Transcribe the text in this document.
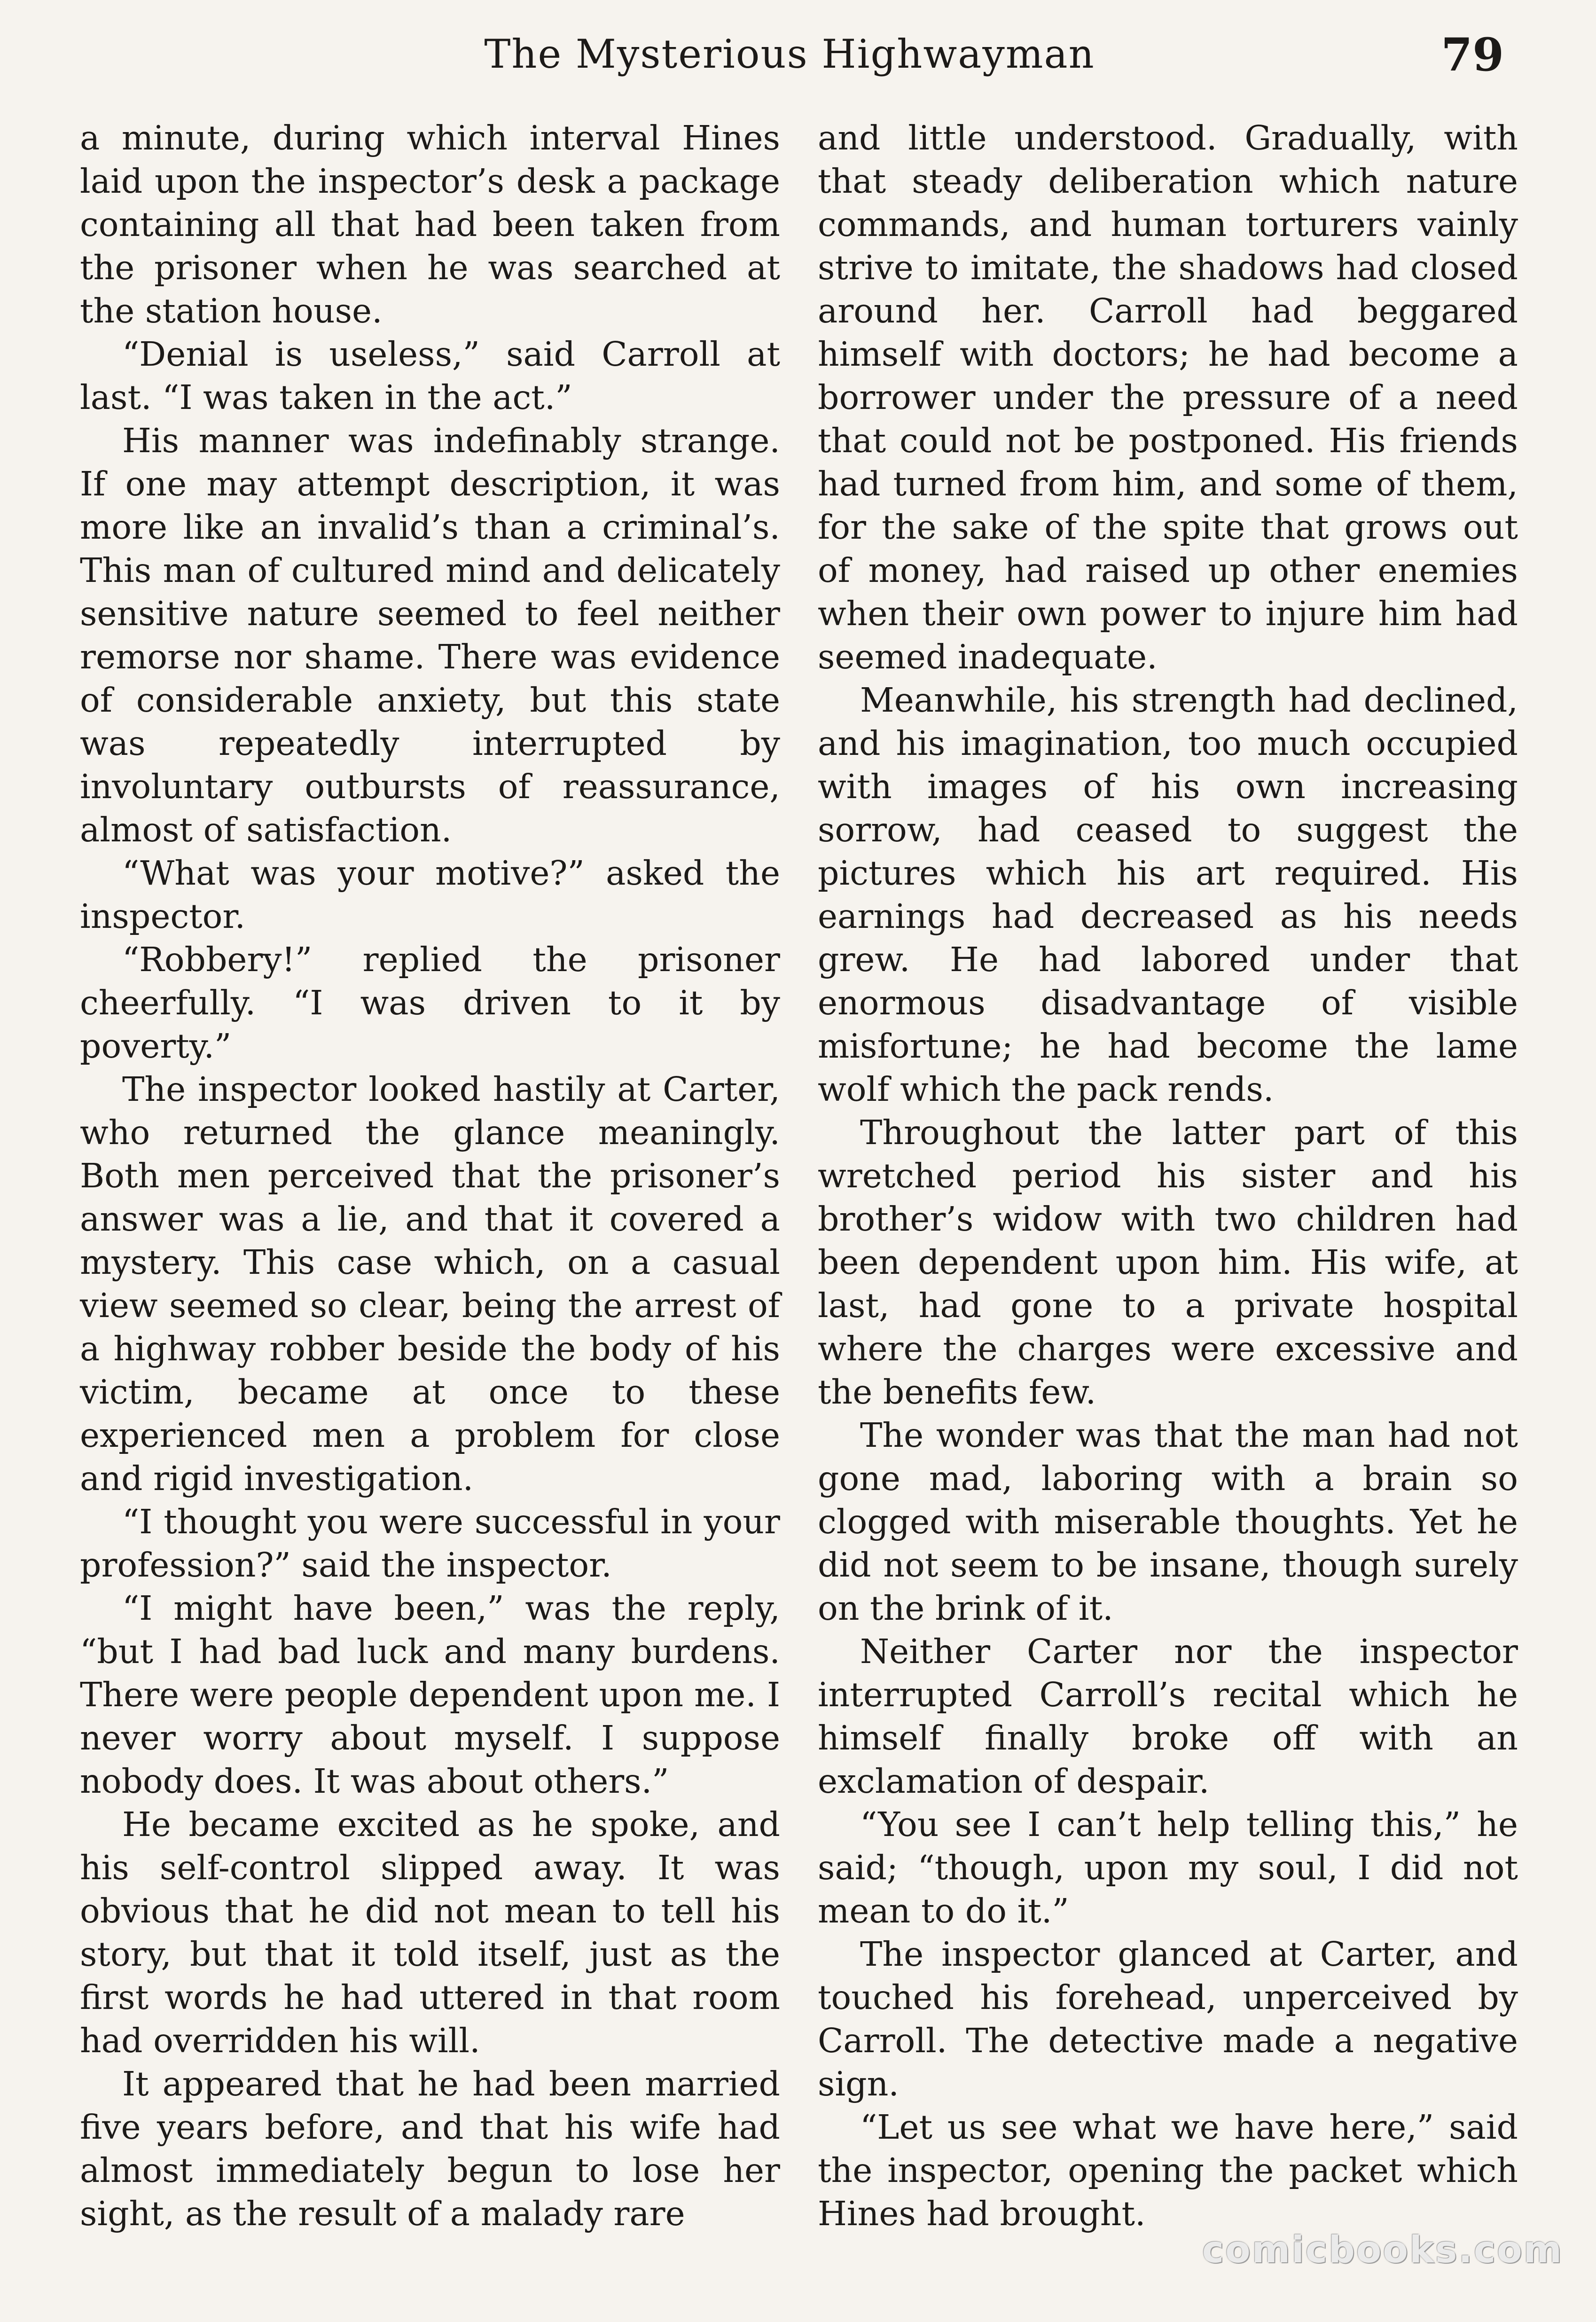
The Mysterious Highwayman	79

a minute, during which interval Hines laid upon the inspector’s desk a package containing all that had been taken from the prisoner when he was searched at the station house.

“Denial is useless,” said Carroll at last. “I was taken in the act.”

His manner was indefinably strange. If one may attempt description, it was more like an invalid’s than a criminal’s. This man of cultured mind and delicately sensitive nature seemed to feel neither remorse nor shame. There was evidence of considerable anxiety, but this state was repeatedly interrupted by involuntary outbursts of reassurance, almost of satisfaction.

“What was your motive?” asked the inspector.

“Robbery!” replied the prisoner cheerfully. “I was driven to it by poverty.”

The inspector looked hastily at Carter, who returned the glance meaningly. Both men perceived that the prisoner’s answer was a lie, and that it covered a mystery. This case which, on a casual view seemed so clear, being the arrest of a highway robber beside the body of his victim, became at once to these experienced men a problem for close and rigid investigation.

“I thought you were successful in your profession?” said the inspector.

“I might have been,” was the reply, “but I had bad luck and many burdens. There were people dependent upon me. I never worry about myself. I suppose nobody does. It was about others.”

He became excited as he spoke, and his self-control slipped away. It was obvious that he did not mean to tell his story, but that it told itself, just as the first words he had uttered in that room had overridden his will.

It appeared that he had been married five years before, and that his wife had almost immediately begun to lose her sight, as the result of a malady rare

and little understood. Gradually, with that steady deliberation which nature commands, and human torturers vainly strive to imitate, the shadows had closed around her. Carroll had beggared himself with doctors; he had become a borrower under the pressure of a need that could not be postponed. His friends had turned from him, and some of them, for the sake of the spite that grows out of money, had raised up other enemies when their own power to injure him had seemed inadequate.

Meanwhile, his strength had declined, and his imagination, too much occupied with images of his own increasing sorrow, had ceased to suggest the pictures which his art required. His earnings had decreased as his needs grew. He had labored under that enormous disadvantage of visible misfortune; he had become the lame wolf which the pack rends.

Throughout the latter part of this wretched period his sister and his brother’s widow with two children had been dependent upon him. His wife, at last, had gone to a private hospital where the charges were excessive and the benefits few.

The wonder was that the man had not gone mad, laboring with a brain so clogged with miserable thoughts. Yet he did not seem to be insane, though surely on the brink of it.

Neither Carter nor the inspector interrupted Carroll’s recital which he himself finally broke off with an exclamation of despair.

“You see I can’t help telling this,” he said; “though, upon my soul, I did not mean to do it.”

The inspector glanced at Carter, and touched his forehead, unperceived by Carroll. The detective made a negative sign.

“Let us see what we have here,” said the inspector, opening the packet which Hines had brought.

comicbooks.com
